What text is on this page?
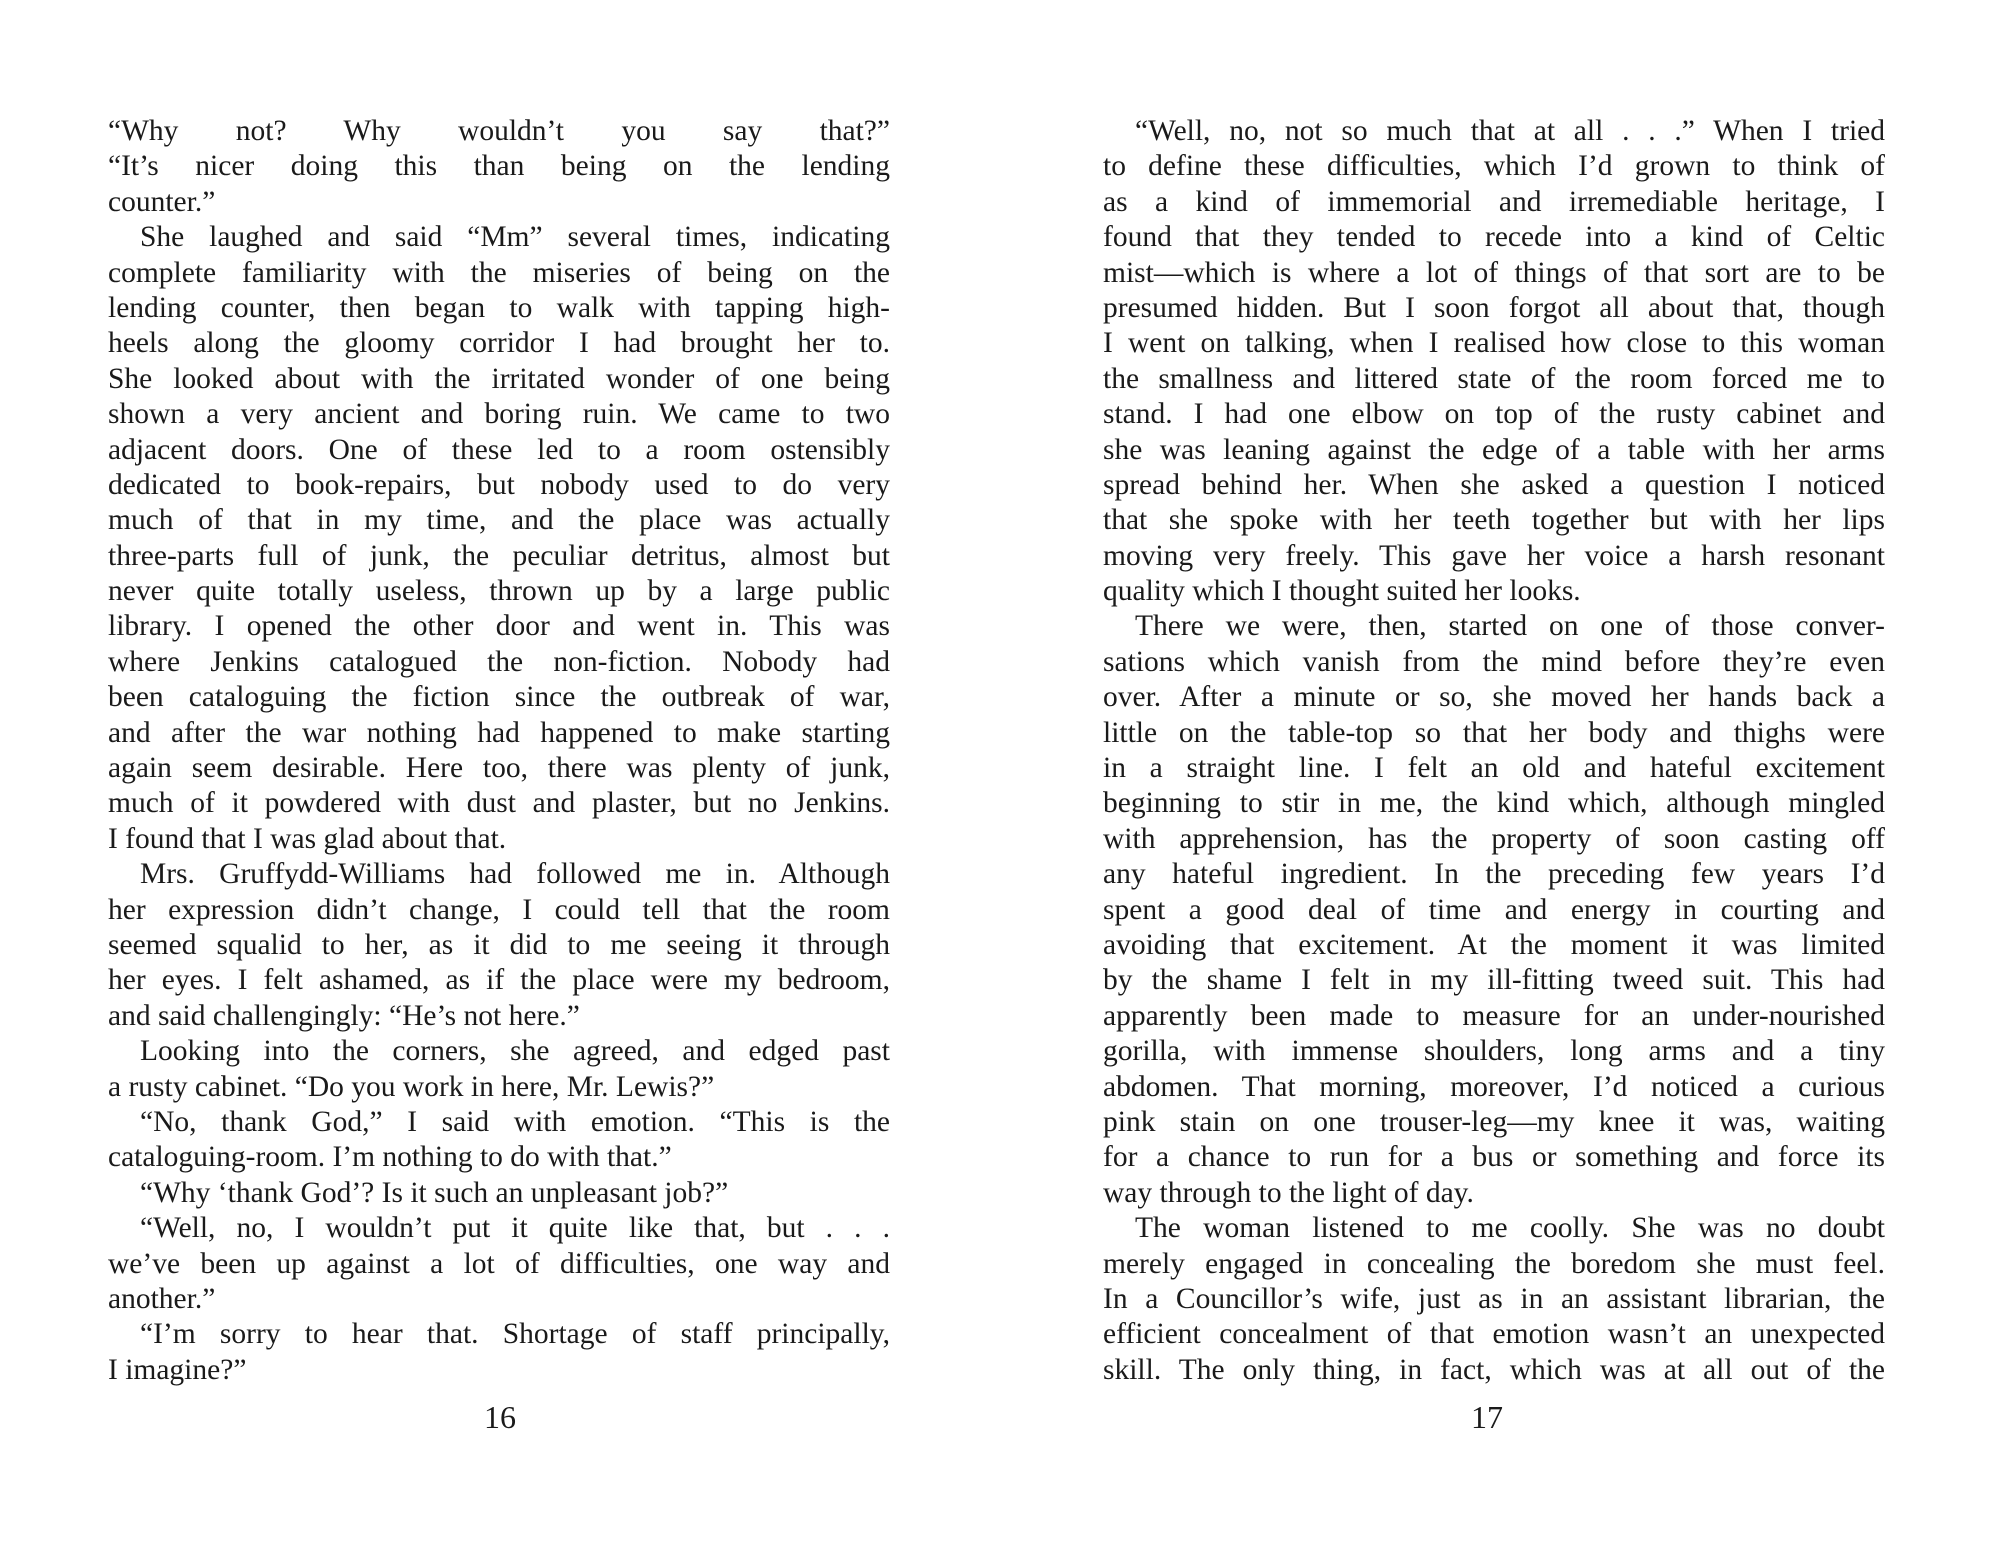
“Why not? Why wouldn’t you say that?”
“It’s nicer doing this than being on the lending
counter.”
She laughed and said “Mm” several times, indicating
complete familiarity with the miseries of being on the
lending counter, then began to walk with tapping high-
heels along the gloomy corridor I had brought her to.
She looked about with the irritated wonder of one being
shown a very ancient and boring ruin. We came to two
adjacent doors. One of these led to a room ostensibly
dedicated to book-repairs, but nobody used to do very
much of that in my time, and the place was actually
three-parts full of junk, the peculiar detritus, almost but
never quite totally useless, thrown up by a large public
library. I opened the other door and went in. This was
where Jenkins catalogued the non-fiction. Nobody had
been cataloguing the fiction since the outbreak of war,
and after the war nothing had happened to make starting
again seem desirable. Here too, there was plenty of junk,
much of it powdered with dust and plaster, but no Jenkins.
I found that I was glad about that.
Mrs. Gruffydd-Williams had followed me in. Although
her expression didn’t change, I could tell that the room
seemed squalid to her, as it did to me seeing it through
her eyes. I felt ashamed, as if the place were my bedroom,
and said challengingly: “He’s not here.”
Looking into the corners, she agreed, and edged past
a rusty cabinet. “Do you work in here, Mr. Lewis?”
“No, thank God,” I said with emotion. “This is the
cataloguing-room. I’m nothing to do with that.”
“Why ‘thank God’? Is it such an unpleasant job?”
“Well, no, I wouldn’t put it quite like that, but . . .
we’ve been up against a lot of difficulties, one way and
another.”
“I’m sorry to hear that. Shortage of staff principally,
I imagine?”
“Well, no, not so much that at all . . .” When I tried
to define these difficulties, which I’d grown to think of
as a kind of immemorial and irremediable heritage, I
found that they tended to recede into a kind of Celtic
mist—which is where a lot of things of that sort are to be
presumed hidden. But I soon forgot all about that, though
I went on talking, when I realised how close to this woman
the smallness and littered state of the room forced me to
stand. I had one elbow on top of the rusty cabinet and
she was leaning against the edge of a table with her arms
spread behind her. When she asked a question I noticed
that she spoke with her teeth together but with her lips
moving very freely. This gave her voice a harsh resonant
quality which I thought suited her looks.
There we were, then, started on one of those conver-
sations which vanish from the mind before they’re even
over. After a minute or so, she moved her hands back a
little on the table-top so that her body and thighs were
in a straight line. I felt an old and hateful excitement
beginning to stir in me, the kind which, although mingled
with apprehension, has the property of soon casting off
any hateful ingredient. In the preceding few years I’d
spent a good deal of time and energy in courting and
avoiding that excitement. At the moment it was limited
by the shame I felt in my ill-fitting tweed suit. This had
apparently been made to measure for an under-nourished
gorilla, with immense shoulders, long arms and a tiny
abdomen. That morning, moreover, I’d noticed a curious
pink stain on one trouser-leg—my knee it was, waiting
for a chance to run for a bus or something and force its
way through to the light of day.
The woman listened to me coolly. She was no doubt
merely engaged in concealing the boredom she must feel.
In a Councillor’s wife, just as in an assistant librarian, the
efficient concealment of that emotion wasn’t an unexpected
skill. The only thing, in fact, which was at all out of the
16	17
